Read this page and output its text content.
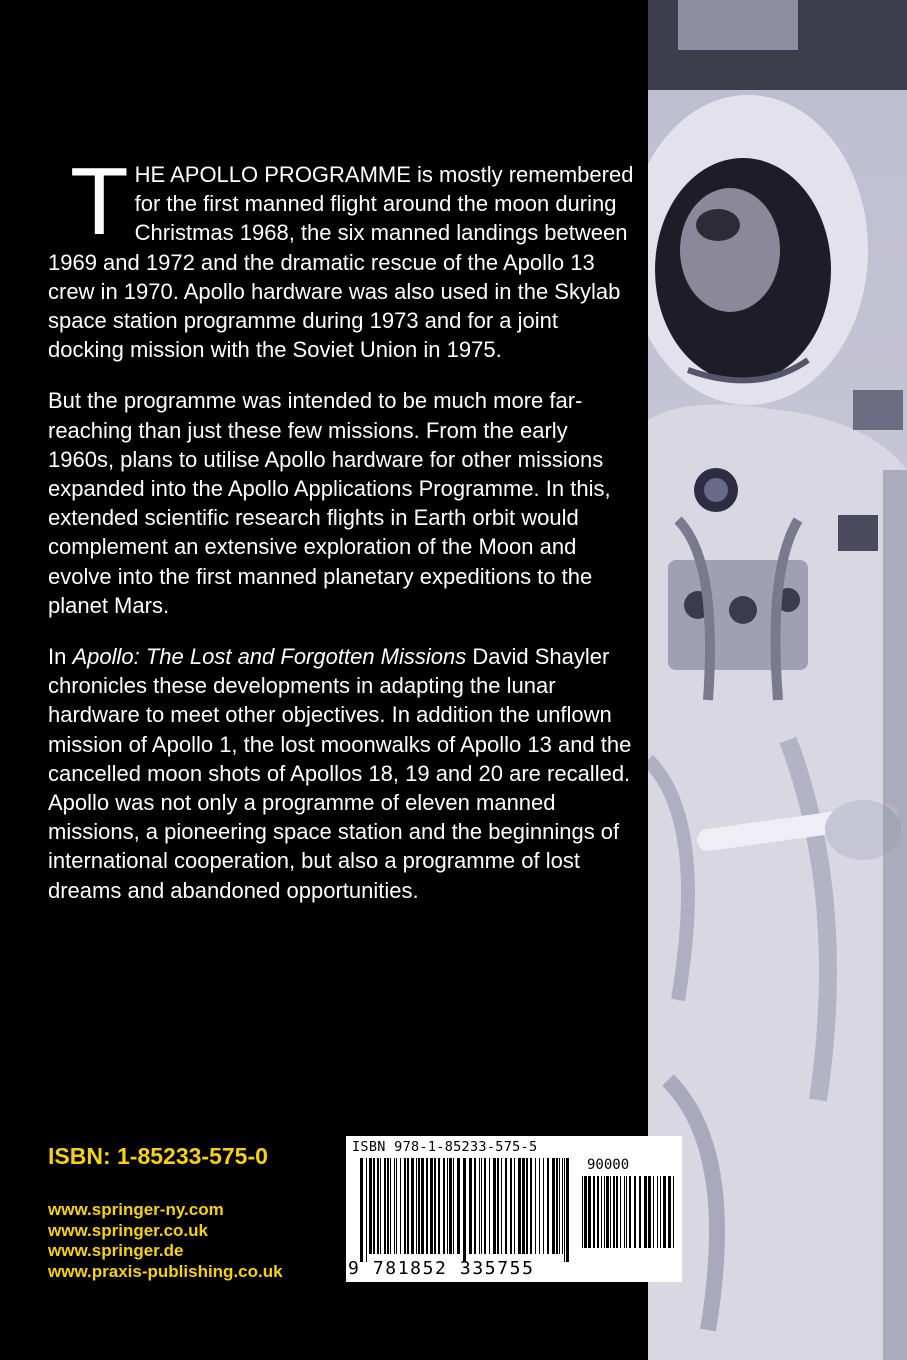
THE APOLLO PROGRAMME is mostly remembered for the first manned flight around the moon during Christmas 1968, the six manned landings between 1969 and 1972 and the dramatic rescue of the Apollo 13 crew in 1970. Apollo hardware was also used in the Skylab space station programme during 1973 and for a joint docking mission with the Soviet Union in 1975.

But the programme was intended to be much more far-reaching than just these few missions. From the early 1960s, plans to utilise Apollo hardware for other missions expanded into the Apollo Applications Programme. In this, extended scientific research flights in Earth orbit would complement an extensive exploration of the Moon and evolve into the first manned planetary expeditions to the planet Mars.

In Apollo: The Lost and Forgotten Missions David Shayler chronicles these developments in adapting the lunar hardware to meet other objectives. In addition the unflown mission of Apollo 1, the lost moonwalks of Apollo 13 and the cancelled moon shots of Apollos 18, 19 and 20 are recalled. Apollo was not only a programme of eleven manned missions, a pioneering space station and the beginnings of international cooperation, but also a programme of lost dreams and abandoned opportunities.

ISBN: 1-85233-575-0
www.springer-ny.com
www.springer.co.uk
www.springer.de
www.praxis-publishing.co.uk
ISBN 978-1-85233-575-5
90000
9 781852 335755
